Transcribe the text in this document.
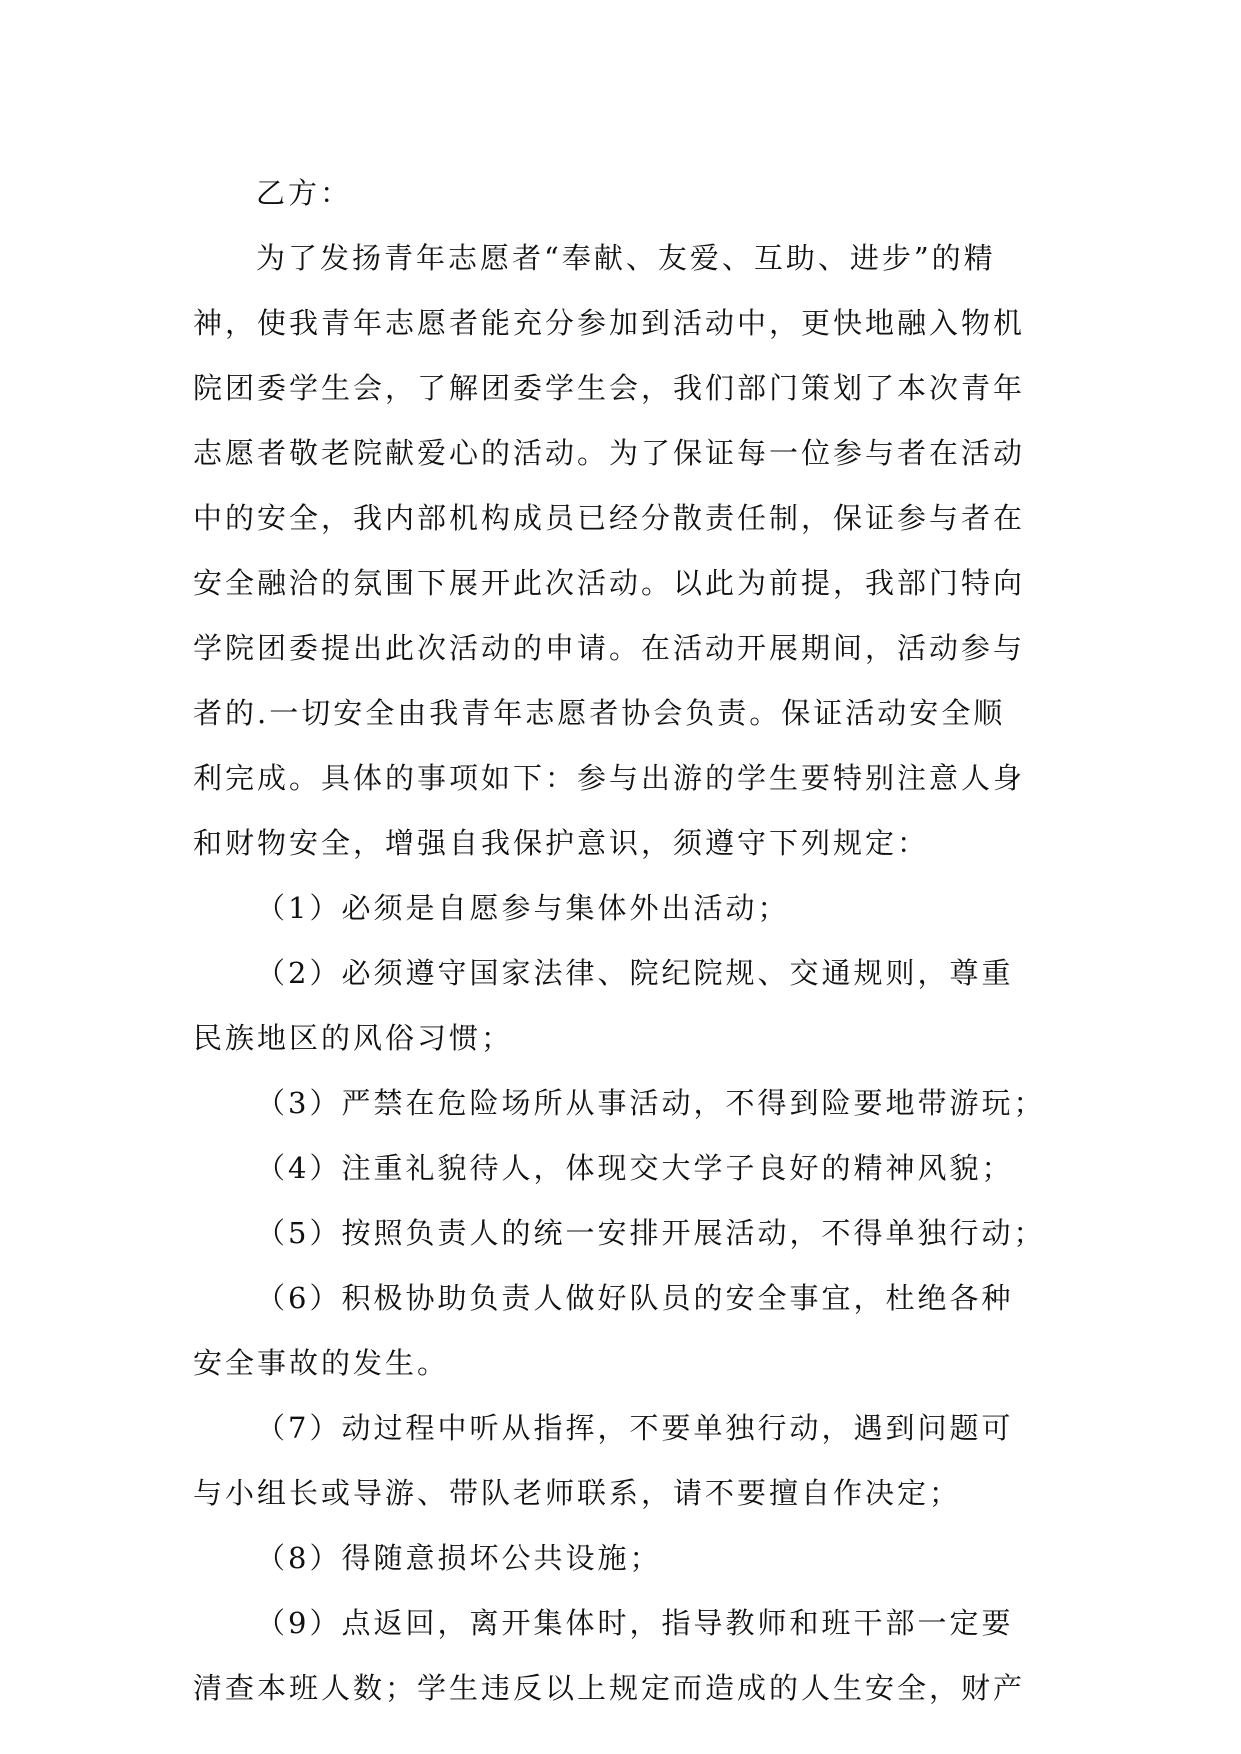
乙方：
为了发扬青年志愿者“奉献、友爱、互助、进步”的精
神，使我青年志愿者能充分参加到活动中，更快地融入物机
院团委学生会，了解团委学生会，我们部门策划了本次青年
志愿者敬老院献爱心的活动。为了保证每一位参与者在活动
中的安全，我内部机构成员已经分散责任制，保证参与者在
安全融洽的氛围下展开此次活动。以此为前提，我部门特向
学院团委提出此次活动的申请。在活动开展期间，活动参与
者的.一切安全由我青年志愿者协会负责。保证活动安全顺
利完成。具体的事项如下：参与出游的学生要特别注意人身
和财物安全，增强自我保护意识，须遵守下列规定：
（1）必须是自愿参与集体外出活动；
（2）必须遵守国家法律、院纪院规、交通规则，尊重
民族地区的风俗习惯；
（3）严禁在危险场所从事活动，不得到险要地带游玩；
（4）注重礼貌待人，体现交大学子良好的精神风貌；
（5）按照负责人的统一安排开展活动，不得单独行动；
（6）积极协助负责人做好队员的安全事宜，杜绝各种
安全事故的发生。
（7）动过程中听从指挥，不要单独行动，遇到问题可
与小组长或导游、带队老师联系，请不要擅自作决定；
（8）得随意损坏公共设施；
（9）点返回，离开集体时，指导教师和班干部一定要
清查本班人数；学生违反以上规定而造成的人生安全，财产
